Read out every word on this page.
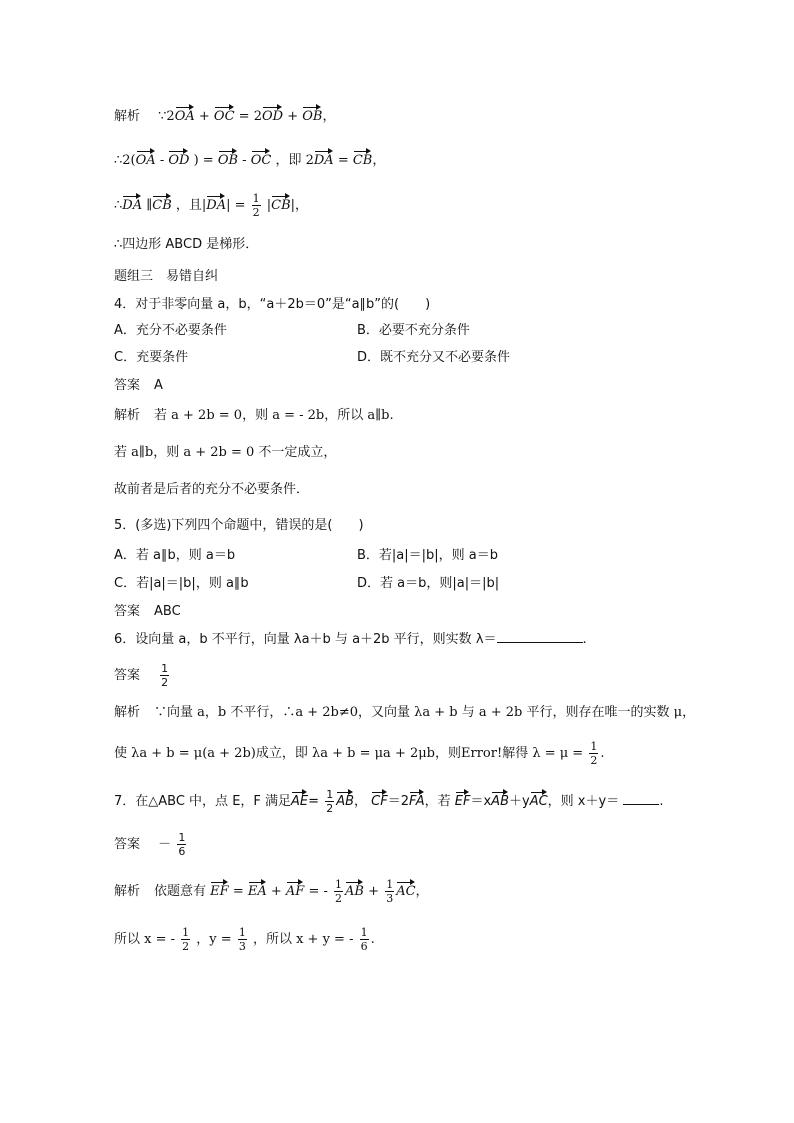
解析 ∵2OA + OC = 2OD + OB，
∴2(OA - OD ) = OB - OC ，即 2DA = CB，
∴DA ∥CB ，且$|DA| = \frac{1}{2} |CB|$，
∴四边形 ABCD 是梯形．
题组三　易错自纠
4．对于非零向量 a，b，“a＋2b＝0”是“a∥b”的(　　)
A．充分不必要条件	B．必要不充分条件
C．充要条件	D．既不充分又不必要条件
答案 A
解析 若 a + 2b = 0，则 a = - 2b，所以 a∥b.
若 a∥b，则 a + 2b = 0 不一定成立，
故前者是后者的充分不必要条件．
5．(多选)下列四个命题中，错误的是(　　)
A．若 a∥b，则 a＝b	B．若|a|＝|b|，则 a＝b
C．若|a|＝|b|，则 a∥b	D．若 a＝b，则|a|＝|b|
答案 ABC
6．设向量 a，b 不平行，向量 λa＋b 与 a＋2b 平行，则实数 λ＝	.
答案 $\frac{1}{2}$
解析 ∵向量 a，b 不平行，∴a + 2b≠0，又向量 λa + b 与 a + 2b 平行，则存在唯一的实数 μ，
使 λa + b = μ(a + 2b)成立，即 λa + b = μa + 2μb，则Error!解得 $\lambda = \mu = \frac{1}{2}$ .
7．在△ABC 中，点 E，F 满足$AE= \frac{1}{2}$ AB， CF＝2FA，若 EF＝xAB＋yAC，则 x＋y＝	.
答案 － $\frac{1}{6}$
解析 依题意有 EF = EA + AF = - $\frac{1}{2}$ AB + $\frac{1}{3}$ AC，
所以 x = - $\frac{1}{2}$ ，$y = \frac{1}{3}$ ，所以 x + y = - $\frac{1}{6}$ .
